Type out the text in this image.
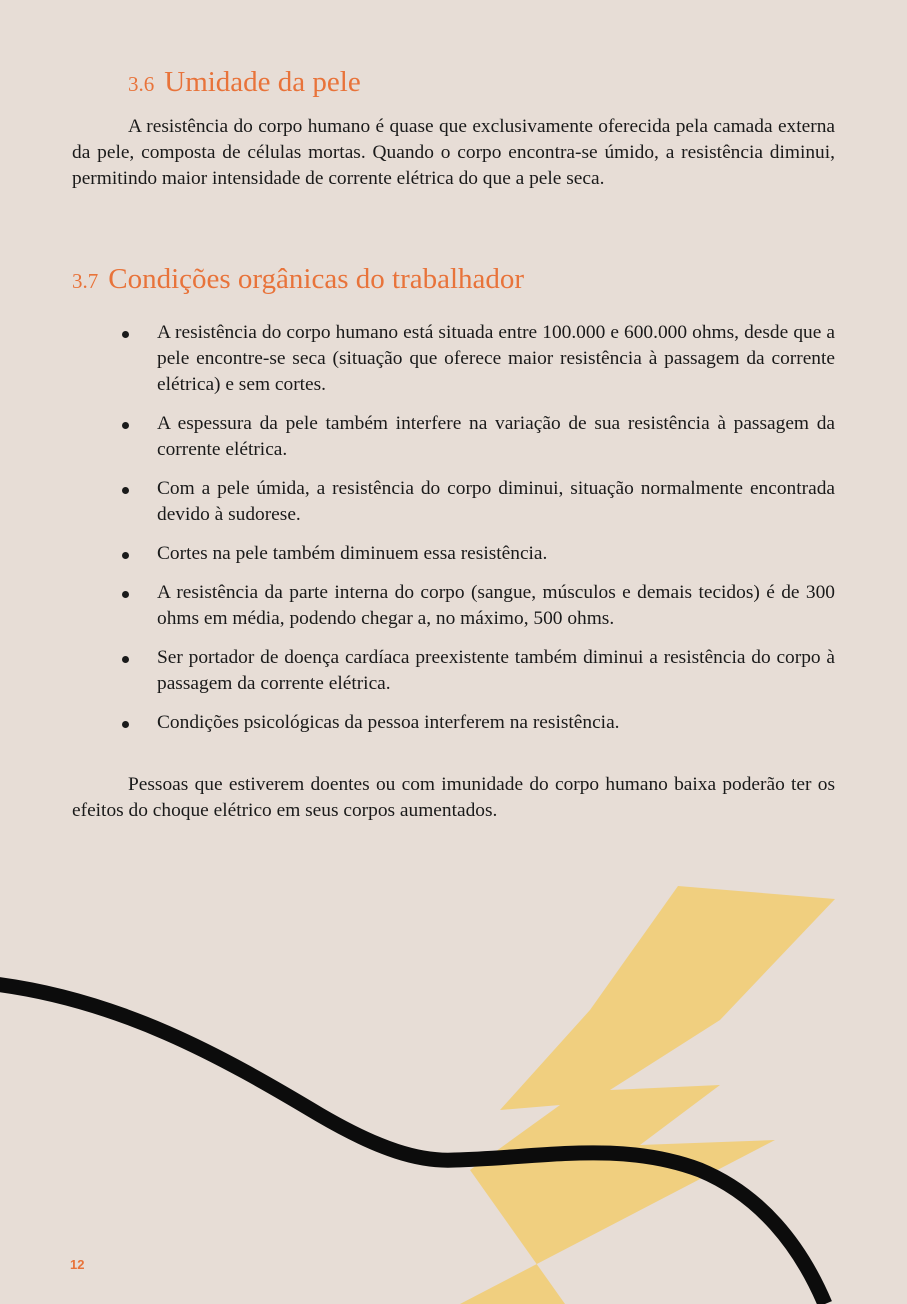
3.6 Umidade da pele

A resistência do corpo humano é quase que exclusivamente oferecida pela camada externa da pele, composta de células mortas. Quando o corpo encontra-se úmido, a resistência diminui, permitindo maior intensidade de corrente elétrica do que a pele seca.

3.7 Condições orgânicas do trabalhador
A resistência do corpo humano está situada entre 100.000 e 600.000 ohms, desde que a pele encontre-se seca (situação que oferece maior resistência à passagem da corrente elétrica) e sem cortes.
A espessura da pele também interfere na variação de sua resistência à passagem da corrente elétrica.
Com a pele úmida, a resistência do corpo diminui, situação normalmente encontrada devido à sudorese.
Cortes na pele também diminuem essa resistência.
A resistência da parte interna do corpo (sangue, músculos e demais tecidos) é de 300 ohms em média, podendo chegar a, no máximo, 500 ohms.
Ser portador de doença cardíaca preexistente também diminui a resistência do corpo à passagem da corrente elétrica.
Condições psicológicas da pessoa interferem na resistência.

Pessoas que estiverem doentes ou com imunidade do corpo humano baixa poderão ter os efeitos do choque elétrico em seus corpos aumentados.

12
